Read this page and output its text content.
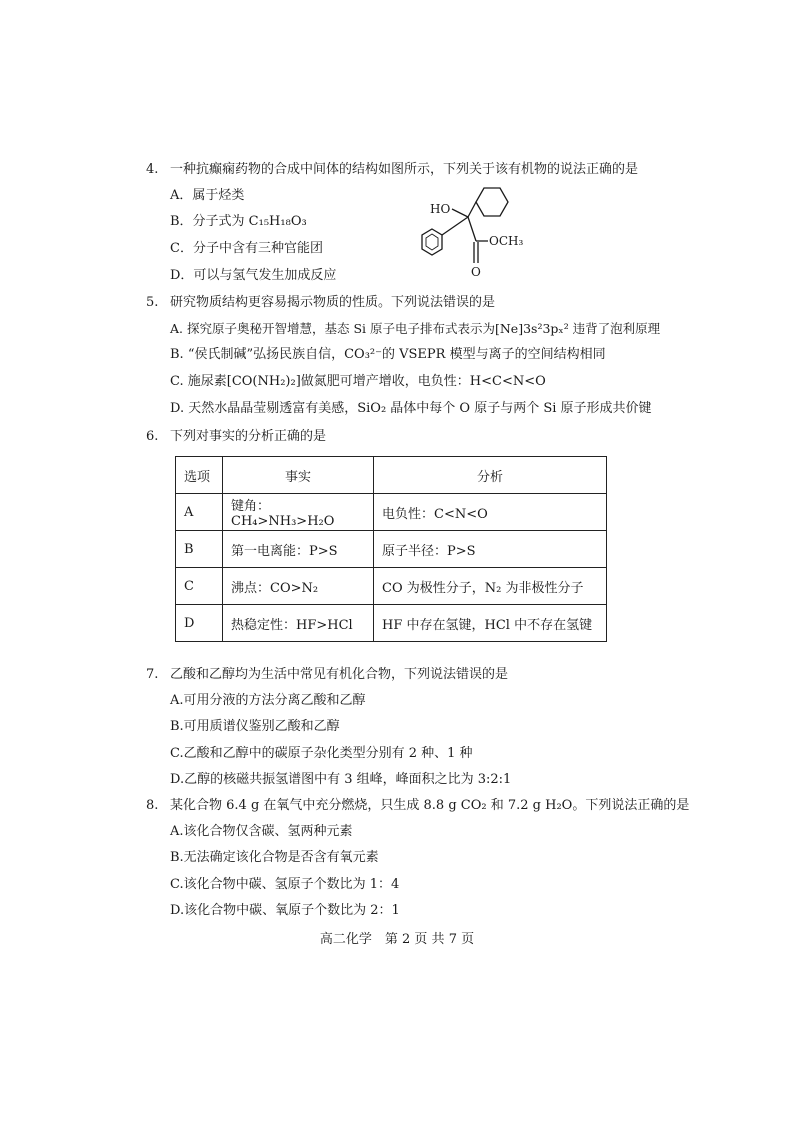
4. 一种抗癫痫药物的合成中间体的结构如图所示，下列关于该有机物的说法正确的是
A．属于烃类
B．分子式为 C₁₅H₁₈O₃
C．分子中含有三种官能团
D．可以与氢气发生加成反应
HO
OCH₃
O
5. 研究物质结构更容易揭示物质的性质。下列说法错误的是
A. 探究原子奥秘开智增慧，基态 Si 原子电子排布式表示为[Ne]3s²3pₓ² 违背了泡利原理
B. “侯氏制碱”弘扬民族自信，CO₃²⁻的 VSEPR 模型与离子的空间结构相同
C. 施尿素[CO(NH₂)₂]做氮肥可增产增收，电负性：H<C<N<O
D. 天然水晶晶莹剔透富有美感，SiO₂ 晶体中每个 O 原子与两个 Si 原子形成共价键
6. 下列对事实的分析正确的是
选项	事实	分析
A	键角：CH₄>NH₃>H₂O	电负性：C<N<O
B	第一电离能：P>S	原子半径：P>S
C	沸点：CO>N₂	CO 为极性分子，N₂ 为非极性分子
D	热稳定性：HF>HCl	HF 中存在氢键，HCl 中不存在氢键
7. 乙酸和乙醇均为生活中常见有机化合物，下列说法错误的是
A.可用分液的方法分离乙酸和乙醇
B.可用质谱仪鉴别乙酸和乙醇
C.乙酸和乙醇中的碳原子杂化类型分别有 2 种、1 种
D.乙醇的核磁共振氢谱图中有 3 组峰，峰面积之比为 3:2:1
8. 某化合物 6.4 g 在氧气中充分燃烧，只生成 8.8 g CO₂ 和 7.2 g H₂O。下列说法正确的是
A.该化合物仅含碳、氢两种元素
B.无法确定该化合物是否含有氧元素
C.该化合物中碳、氢原子个数比为 1：4
D.该化合物中碳、氧原子个数比为 2：1
高二化学　第 2 页 共 7 页
